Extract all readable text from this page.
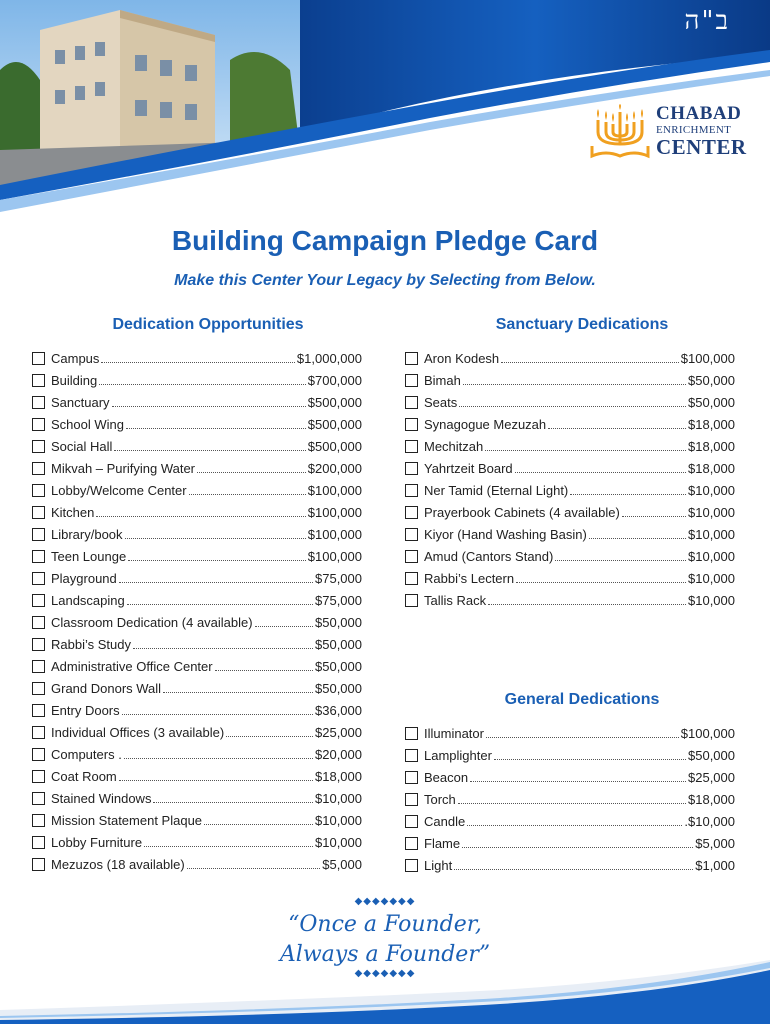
ב"ה
CHABAD
ENRICHMENT
CENTER
Building Campaign Pledge Card
Make this Center Your Legacy by Selecting from Below.
Dedication Opportunities
Campus	$1,000,000
Building	$700,000
Sanctuary	$500,000
School Wing	$500,000
Social Hall	$500,000
Mikvah – Purifying Water	$200,000
Lobby/Welcome Center	$100,000
Kitchen	$100,000
Library/book	$100,000
Teen Lounge	$100,000
Playground	$75,000
Landscaping	$75,000
Classroom Dedication (4 available)	$50,000
Rabbi’s Study	$50,000
Administrative Office Center	$50,000
Grand Donors Wall	$50,000
Entry Doors	$36,000
Individual Offices (3 available)	$25,000
Computers .	$20,000
Coat Room	$18,000
Stained Windows	$10,000
Mission Statement Plaque	$10,000
Lobby Furniture	$10,000
Mezuzos (18 available)	$5,000
Sanctuary Dedications
Aron Kodesh	$100,000
Bimah	$50,000
Seats	$50,000
Synagogue Mezuzah	$18,000
Mechitzah	$18,000
Yahrtzeit Board	$18,000
Ner Tamid (Eternal Light)	$10,000
Prayerbook Cabinets (4 available)	$10,000
Kiyor (Hand Washing Basin)	$10,000
Amud (Cantors Stand)	$10,000
Rabbi’s Lectern	$10,000
Tallis Rack	$10,000
General Dedications
Illuminator	$100,000
Lamplighter	$50,000
Beacon	$25,000
Torch	$18,000
Candle	.$10,000
Flame	$5,000
Light	$1,000
◆◆◆◆◆◆◆
“Once a Founder,
Always a Founder”
◆◆◆◆◆◆◆
